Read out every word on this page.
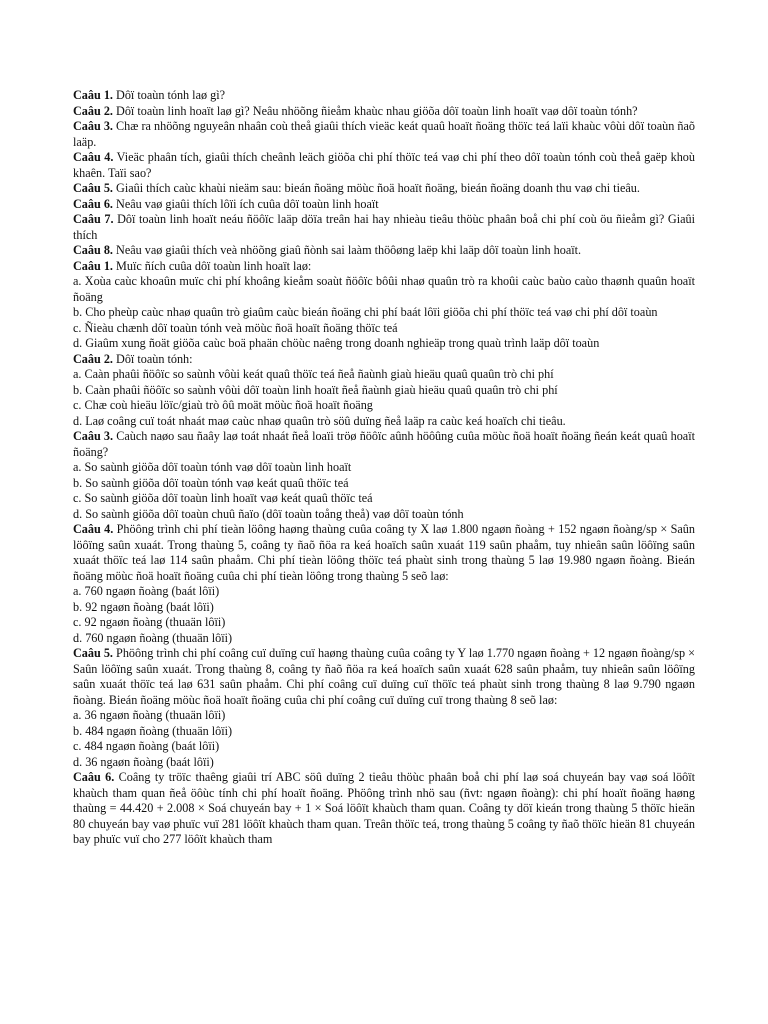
Caâu 1. Dôï toaùn tónh laø gì?

Caâu 2. Dôï toaùn linh hoaït laø gì? Neâu nhöõng ñieåm khaùc nhau giöõa dôï toaùn linh hoaït vaø dôï toaùn tónh?

Caâu 3. Chæ ra nhöõng nguyeân nhaân coù theå giaûi thích vieäc keát quaû hoaït ñoäng thöïc teá laïi khaùc vôùi dôï toaùn ñaõ laäp.

Caâu 4. Vieäc phaân tích, giaûi thích cheânh leäch giöõa chi phí thöïc teá vaø chi phí theo dôï toaùn tónh coù theå gaëp khoù khaên. Taïi sao?

Caâu 5. Giaûi thích caùc khaùi nieäm sau: bieán ñoäng möùc ñoä hoaït ñoäng, bieán ñoäng doanh thu vaø chi tieâu.

Caâu 6. Neâu vaø giaûi thích lôïi ích cuûa dôï toaùn linh hoaït

Caâu 7. Dôï toaùn linh hoaït neáu ñöôïc laäp döïa treân hai hay nhieàu tieâu thöùc phaân boå chi phí coù öu ñieåm gì? Giaûi thích

Caâu 8. Neâu vaø giaûi thích veà nhöõng giaû ñònh sai laàm thöôøng laëp khi laäp dôï toaùn linh hoaït.

Caâu 1. Muïc ñích cuûa dôï toaùn linh hoaït laø:

a. Xoùa caùc khoaûn muïc chi phí khoâng kieåm soaùt ñöôïc bôûi nhaø quaûn trò ra khoûi caùc baùo caùo thaønh quaûn hoaït ñoäng

b. Cho pheùp caùc nhaø quaûn trò giaûm caùc bieán ñoäng chi phí baát lôïi giöõa chi phí thöïc teá vaø chi phí dôï toaùn

c. Ñieàu chænh dôï toaùn tónh veà möùc ñoä hoaït ñoäng thöïc teá

d. Giaûm xung ñoät giöõa caùc boä phaän chöùc naêng trong doanh nghieäp trong quaù trình laäp dôï toaùn

Caâu 2. Dôï toaùn tónh:

a. Caàn phaûi ñöôïc so saùnh vôùi keát quaû thöïc teá ñeå ñaùnh giaù hieäu quaû quaûn trò chi phí

b. Caàn phaûi ñöôïc so saùnh vôùi dôï toaùn linh hoaït ñeå ñaùnh giaù hieäu quaû quaûn trò chi phí

c. Chæ coù hieäu löïc/giaù trò ôû moät möùc ñoä hoaït ñoäng

d. Laø coâng cuï toát nhaát maø caùc nhaø quaûn trò söû duïng ñeå laäp ra caùc keá hoaïch chi tieâu.

Caâu 3. Caùch naøo sau ñaây laø toát nhaát ñeå loaïi tröø ñöôïc aûnh höôûng cuûa möùc ñoä hoaït ñoäng ñeán keát quaû hoaït ñoäng?

a. So saùnh giöõa dôï toaùn tónh vaø dôï toaùn linh hoaït

b. So saùnh giöõa dôï toaùn tónh vaø keát quaû thöïc teá

c. So saùnh giöõa dôï toaùn linh hoaït vaø keát quaû thöïc teá

d. So saùnh giöõa dôï toaùn chuû ñaïo (dôï toaùn toång theå) vaø dôï toaùn tónh

Caâu 4. Phöông trình chi phí tieàn löông haøng thaùng cuûa coâng ty X laø 1.800 ngaøn ñoàng + 152 ngaøn ñoàng/sp × Saûn löôïng saûn xuaát. Trong thaùng 5, coâng ty ñaõ ñöa ra keá hoaïch saûn xuaát 119 saûn phaåm, tuy nhieân saûn löôïng saûn xuaát thöïc teá laø 114 saûn phaåm. Chi phí tieàn löông thöïc teá phaùt sinh trong thaùng 5 laø 19.980 ngaøn ñoàng. Bieán ñoäng möùc ñoä hoaït ñoäng cuûa chi phí tieàn löông trong thaùng 5 seõ laø:

a. 760 ngaøn ñoàng (baát lôïi)

b. 92 ngaøn ñoàng (baát lôïi)

c. 92 ngaøn ñoàng (thuaän lôïi)

d. 760 ngaøn ñoàng (thuaän lôïi)

Caâu 5. Phöông trình chi phí coâng cuï duïng cuï haøng thaùng cuûa coâng ty Y laø 1.770 ngaøn ñoàng + 12 ngaøn ñoàng/sp × Saûn löôïng saûn xuaát. Trong thaùng 8, coâng ty ñaõ ñöa ra keá hoaïch saûn xuaát 628 saûn phaåm, tuy nhieân saûn löôïng saûn xuaát thöïc teá laø 631 saûn phaåm. Chi phí coâng cuï duïng cuï thöïc teá phaùt sinh trong thaùng 8 laø 9.790 ngaøn ñoàng. Bieán ñoäng möùc ñoä hoaït ñoäng cuûa chi phí coâng cuï duïng cuï trong thaùng 8 seõ laø:

a. 36 ngaøn ñoàng (thuaän lôïi)

b. 484 ngaøn ñoàng (thuaän lôïi)

c. 484 ngaøn ñoàng (baát lôïi)

d. 36 ngaøn ñoàng (baát lôïi)

Caâu 6. Coâng ty tröïc thaêng giaûi trí ABC söû duïng 2 tieâu thöùc phaân boå chi phí laø soá chuyeán bay vaø soá löôït khaùch tham quan ñeå öôùc tính chi phí hoaït ñoäng. Phöông trình nhö sau (ñvt: ngaøn ñoàng): chi phí hoaït ñoäng haøng thaùng = 44.420 + 2.008 × Soá chuyeán bay + 1 × Soá löôït khaùch tham quan. Coâng ty döï kieán trong thaùng 5 thöïc hieän 80 chuyeán bay vaø phuïc vuï 281 löôït khaùch tham quan. Treân thöïc teá, trong thaùng 5 coâng ty ñaõ thöïc hieän 81 chuyeán bay phuïc vuï cho 277 löôït khaùch tham
